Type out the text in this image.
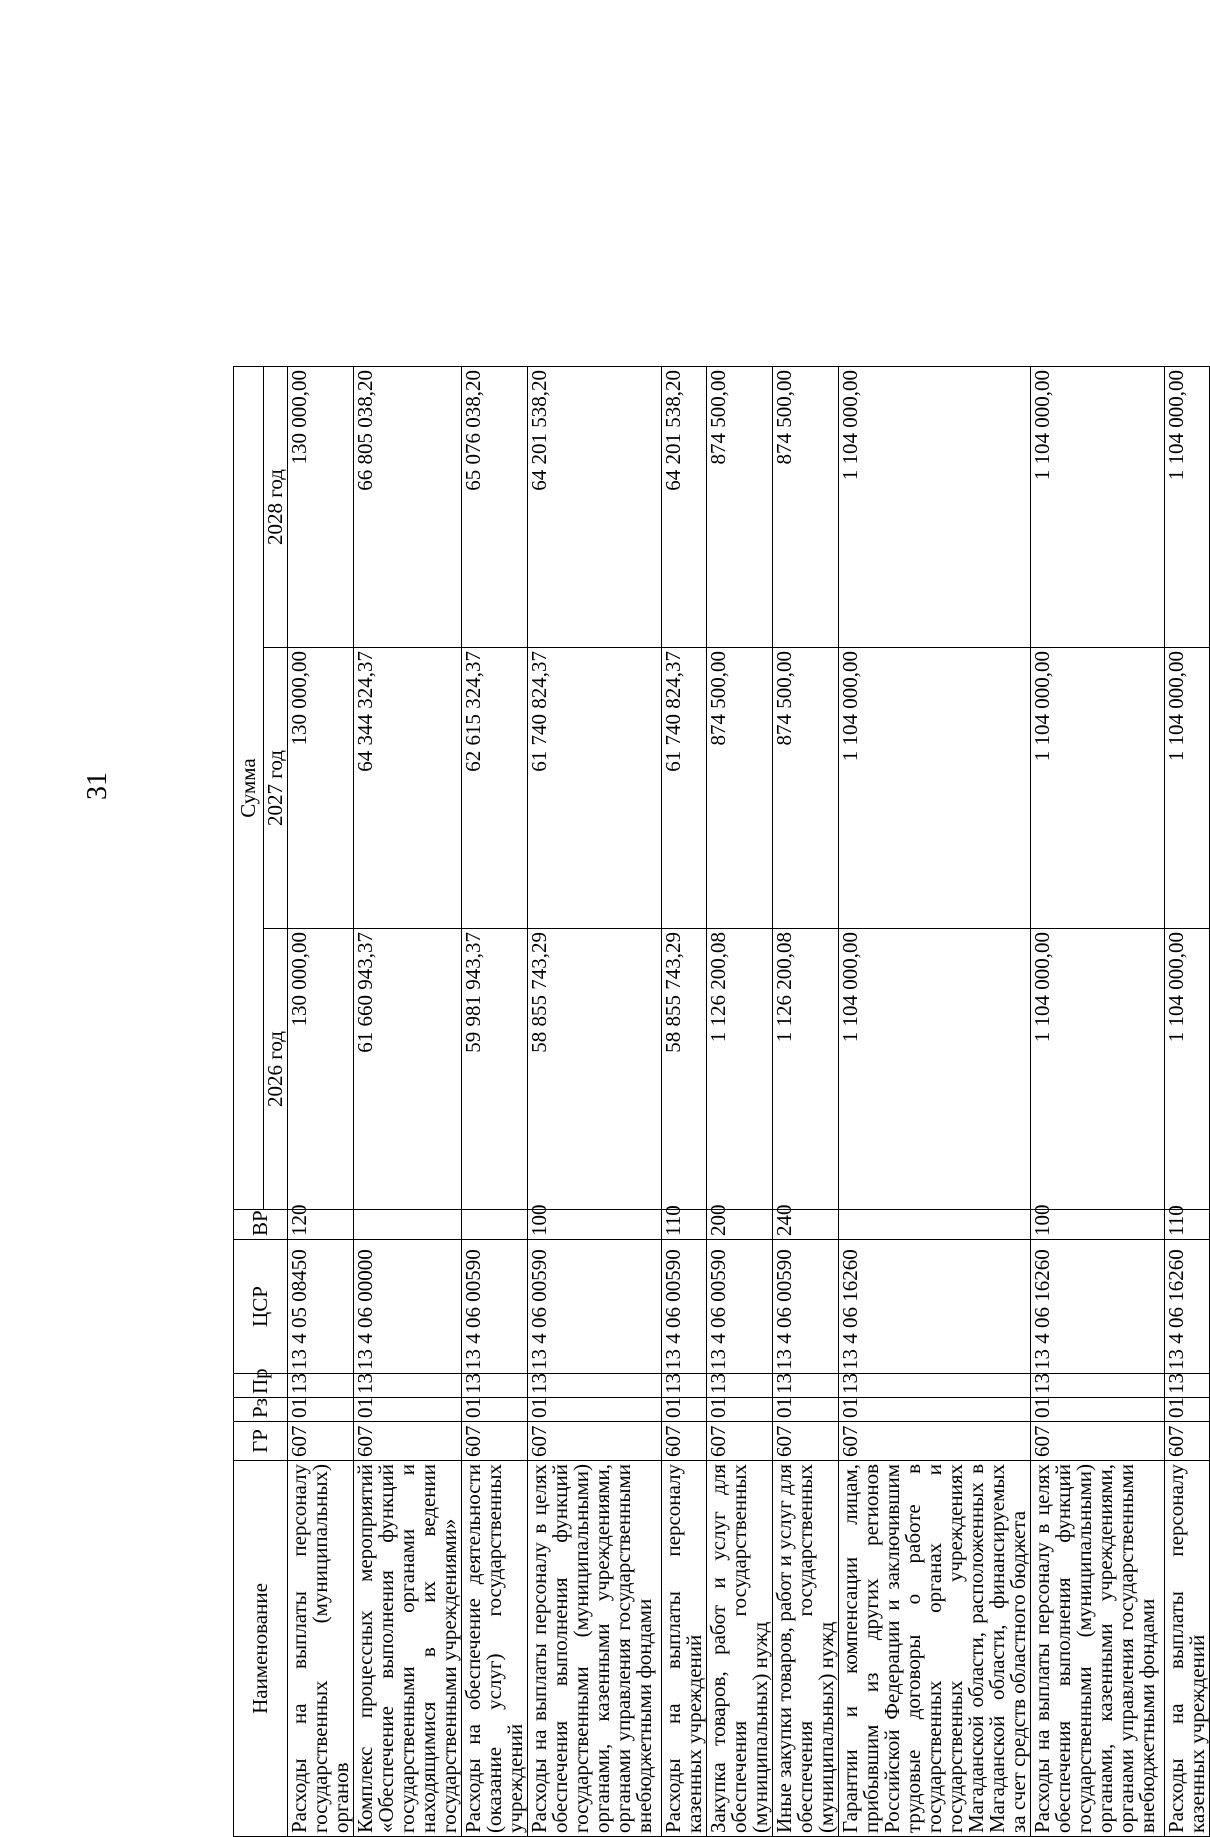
31
Наименование	ГР	Рз	Пр	ЦСР	ВР	Сумма		
						2026 год	2027 год	2028 год
Расходы на выплаты персоналу государственных (муниципальных) органов	607	01	13	13 4 05 08450	120	130 000,00	130 000,00	130 000,00
Комплекс процессных мероприятий «Обеспечение выполнения функций государственными органами и находящимися в их ведении государственными учреждениями»	607	01	13	13 4 06 00000		61 660 943,37	64 344 324,37	66 805 038,20
Расходы на обеспечение деятельности (оказание услуг) государственных учреждений	607	01	13	13 4 06 00590		59 981 943,37	62 615 324,37	65 076 038,20
Расходы на выплаты персоналу в целях обеспечения выполнения функций государственными (муниципальными) органами, казенными учреждениями, органами управления государственными внебюджетными фондами	607	01	13	13 4 06 00590	100	58 855 743,29	61 740 824,37	64 201 538,20
Расходы на выплаты персоналу казенных учреждений	607	01	13	13 4 06 00590	110	58 855 743,29	61 740 824,37	64 201 538,20
Закупка товаров, работ и услуг для обеспечения государственных (муниципальных) нужд	607	01	13	13 4 06 00590	200	1 126 200,08	874 500,00	874 500,00
Иные закупки товаров, работ и услуг для обеспечения государственных (муниципальных) нужд	607	01	13	13 4 06 00590	240	1 126 200,08	874 500,00	874 500,00
Гарантии и компенсации лицам, прибывшим из других регионов Российской Федерации и заключившим трудовые договоры о работе в государственных органах и государственных учреждениях Магаданской области, расположенных в Магаданской области, финансируемых за счет средств областного бюджета	607	01	13	13 4 06 16260		1 104 000,00	1 104 000,00	1 104 000,00
Расходы на выплаты персоналу в целях обеспечения выполнения функций государственными (муниципальными) органами, казенными учреждениями, органами управления государственными внебюджетными фондами	607	01	13	13 4 06 16260	100	1 104 000,00	1 104 000,00	1 104 000,00
Расходы на выплаты персоналу казенных учреждений	607	01	13	13 4 06 16260	110	1 104 000,00	1 104 000,00	1 104 000,00
